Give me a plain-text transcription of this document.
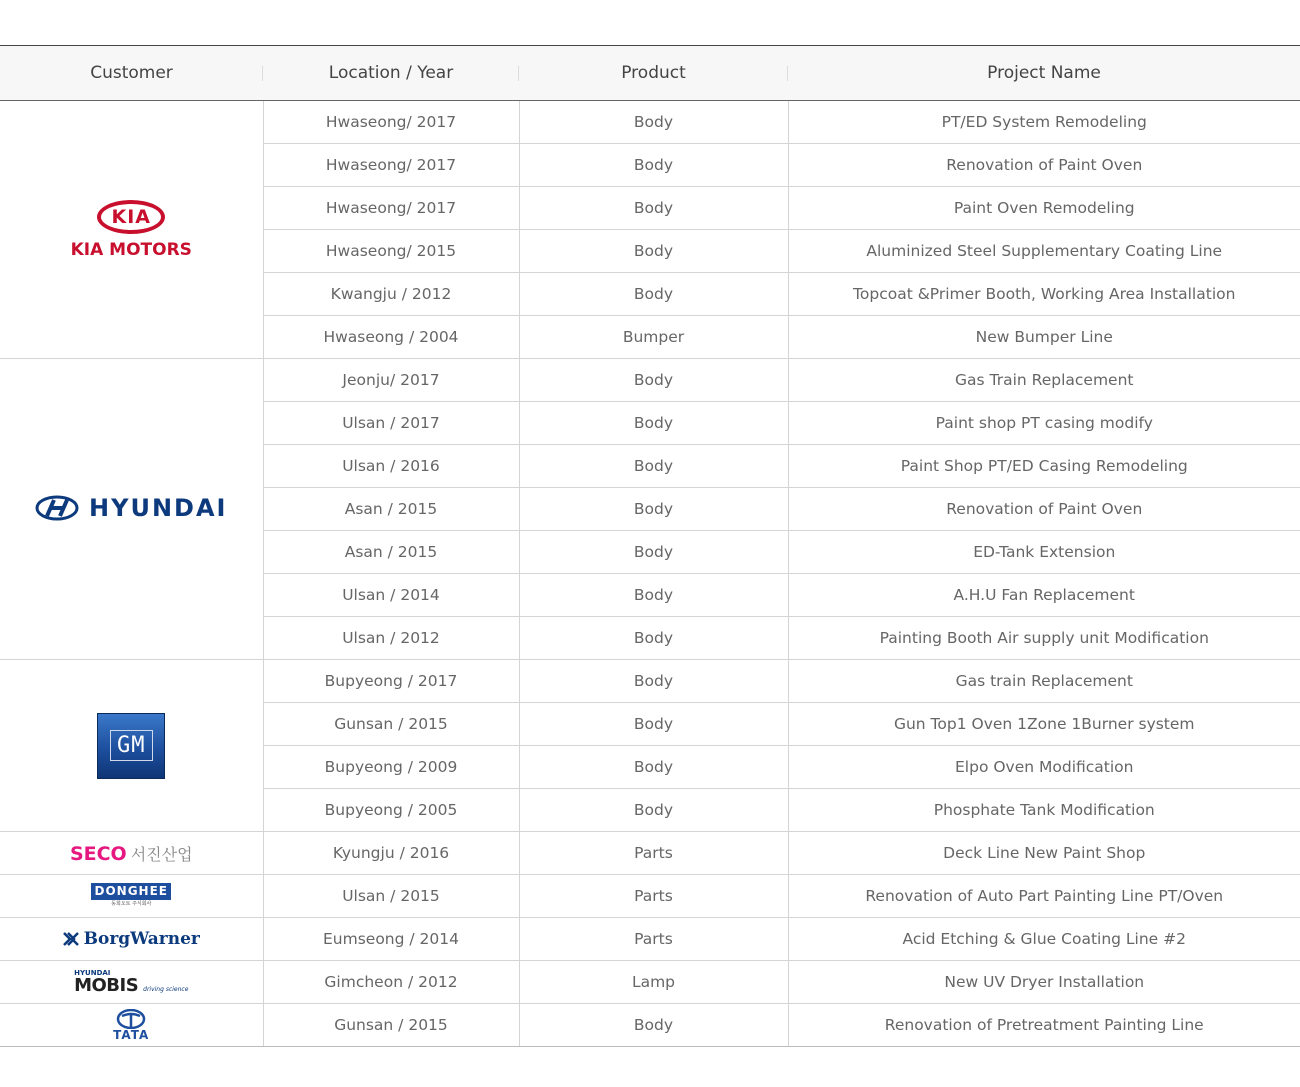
Customer	Location / Year	Product	Project Name

KIA
KIA MOTORS	Hwaseong/ 2017	Body	PT/ED System Remodeling
	Hwaseong/ 2017	Body	Renovation of Paint Oven
	Hwaseong/ 2017	Body	Paint Oven Remodeling
	Hwaseong/ 2015	Body	Aluminized Steel Supplementary Coating Line
	Kwangju / 2012	Body	Topcoat &Primer Booth, Working Area Installation
	Hwaseong / 2004	Bumper	New Bumper Line

HYUNDAI	Jeonju/ 2017	Body	Gas Train Replacement
	Ulsan / 2017	Body	Paint shop PT casing modify
	Ulsan / 2016	Body	Paint Shop PT/ED Casing Remodeling
	Asan / 2015	Body	Renovation of Paint Oven
	Asan / 2015	Body	ED-Tank Extension
	Ulsan / 2014	Body	A.H.U Fan Replacement
	Ulsan / 2012	Body	Painting Booth Air supply unit Modification

GM	Bupyeong / 2017	Body	Gas train Replacement
	Gunsan / 2015	Body	Gun Top1 Oven 1Zone 1Burner system
	Bupyeong / 2009	Body	Elpo Oven Modification
	Bupyeong / 2005	Body	Phosphate Tank Modification

SECO 서진산업	Kyungju / 2016	Parts	Deck Line New Paint Shop

DONGHEE
동희오토 주식회사	Ulsan / 2015	Parts	Renovation of Auto Part Painting Line PT/Oven

BorgWarner	Eumseong / 2014	Parts	Acid Etching & Glue Coating Line #2

HYUNDAI
MOBIS driving science	Gimcheon / 2012	Lamp	New UV Dryer Installation

TATA	Gunsan / 2015	Body	Renovation of Pretreatment Painting Line
